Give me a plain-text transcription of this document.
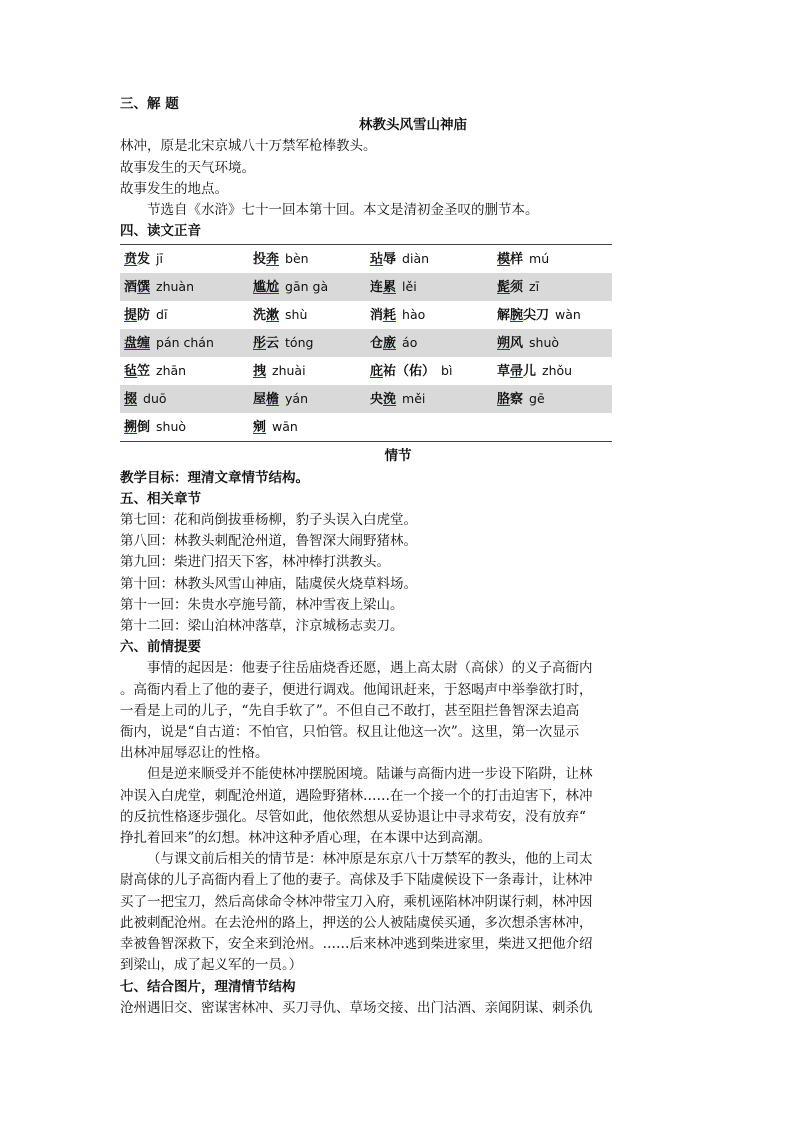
三、解 题
林教头风雪山神庙
林冲，原是北宋京城八十万禁军枪棒教头。
故事发生的天气环境。
故事发生的地点。
节选自《水浒》七十一回本第十回。本文是清初金圣叹的删节本。
四、读文正音
贲发 jī	投奔 bèn	玷辱 diàn	模样 mú
酒馔 zhuàn	尴尬 gān gà	连累 lěi	髭须 zī
提防 dī	洗漱 shù	消耗 hào	解腕尖刀 wàn
盘缠 pán chán	彤云 tóng	仓廒 áo	朔风 shuò
毡笠 zhān	拽 zhuài	庇祐（佑） bì	草帚儿 zhǒu
掇 duō	屋檐 yán	央浼 měi	胳察 gē
搠倒 shuò	剜 wān		
情节
教学目标：理清文章情节结构。
五、相关章节
第七回：花和尚倒拔垂杨柳，豹子头误入白虎堂。
第八回：林教头刺配沧州道，鲁智深大闹野猪林。
第九回：柴进门招天下客，林冲棒打洪教头。
第十回：林教头风雪山神庙，陆虞侯火烧草料场。
第十一回：朱贵水亭施号箭，林冲雪夜上梁山。
第十二回：梁山泊林冲落草，汴京城杨志卖刀。
六、前情提要
事情的起因是：他妻子往岳庙烧香还愿，遇上高太尉（高俅）的义子高衙内
。高衙内看上了他的妻子，便进行调戏。他闻讯赶来，于怒喝声中举拳欲打时，
一看是上司的儿子，“先自手软了”。不但自己不敢打，甚至阻拦鲁智深去追高
衙内，说是“自古道：不怕官，只怕管。权且让他这一次”。这里，第一次显示
出林冲屈辱忍让的性格。
但是逆来顺受并不能使林冲摆脱困境。陆谦与高衙内进一步设下陷阱，让林
冲误入白虎堂，刺配沧州道，遇险野猪林……在一个接一个的打击迫害下，林冲
的反抗性格逐步强化。尽管如此，他依然想从妥协退让中寻求苟安，没有放弃“
挣扎着回来”的幻想。林冲这种矛盾心理，在本课中达到高潮。
（与课文前后相关的情节是：林冲原是东京八十万禁军的教头，他的上司太
尉高俅的儿子高衙内看上了他的妻子。高俅及手下陆虞候设下一条毒计，让林冲
买了一把宝刀，然后高俅命令林冲带宝刀入府，乘机诬陷林冲阴谋行刺，林冲因
此被刺配沧州。在去沧州的路上，押送的公人被陆虞侯买通，多次想杀害林冲，
幸被鲁智深救下，安全来到沧州。……后来林冲逃到柴进家里，柴进又把他介绍
到梁山，成了起义军的一员。）
七、结合图片，理清情节结构
沧州遇旧交、密谋害林冲、买刀寻仇、草场交接、出门沽酒、亲闻阴谋、刺杀仇
